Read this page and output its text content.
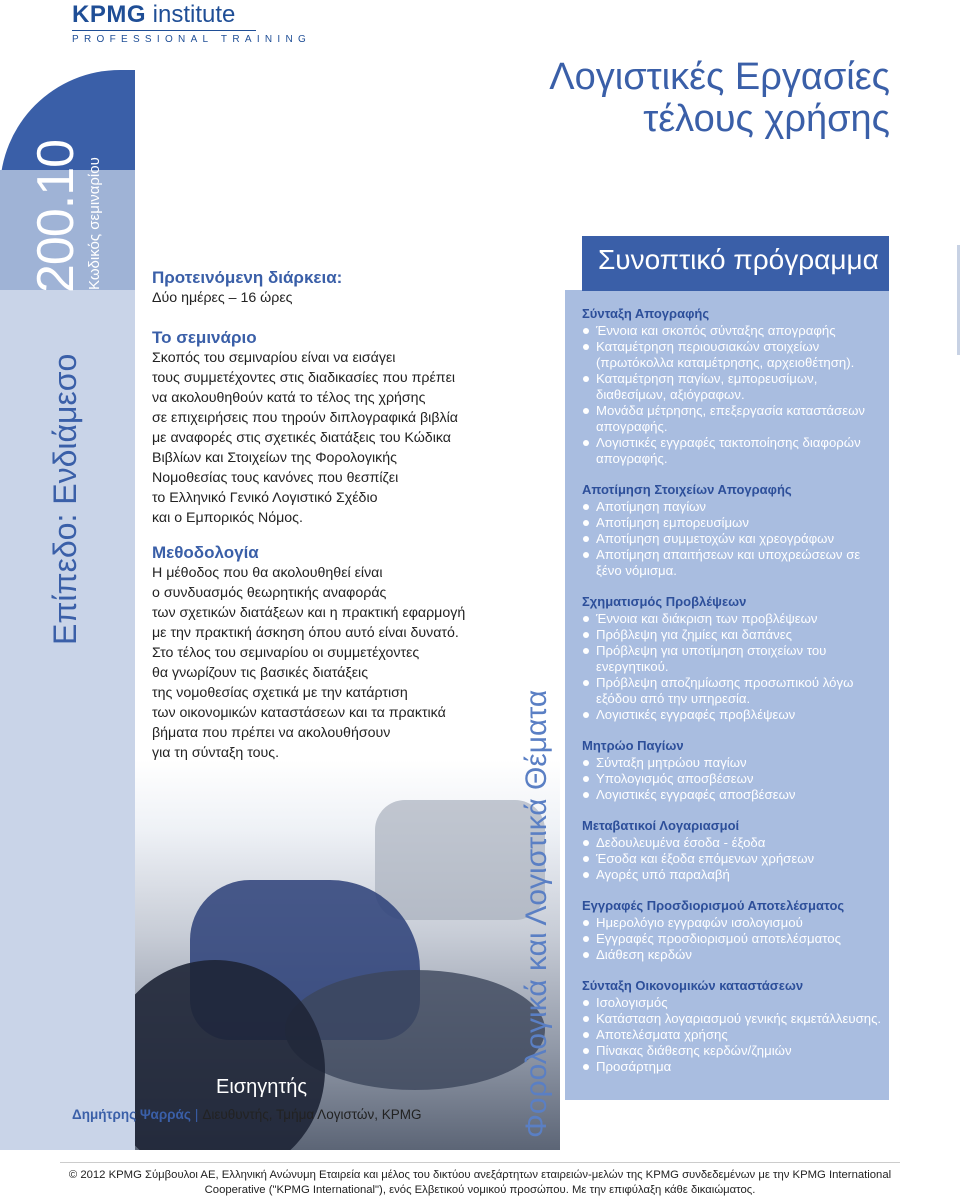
KPMG institute
PROFESSIONAL TRAINING
200.10 Κωδικός σεμιναρίου
Επίπεδο: Ενδιάμεσο
Προτεινόμενη διάρκεια:

Δύο ημέρες – 16 ώρες

Το σεμινάριο

Σκοπός του σεμιναρίου είναι να εισάγει

τους συμμετέχοντες στις διαδικασίες που πρέπει

να ακολουθηθούν κατά το τέλος της χρήσης

σε επιχειρήσεις που τηρούν διπλογραφικά βιβλία

με αναφορές στις σχετικές διατάξεις του Κώδικα

Βιβλίων και Στοιχείων της Φορολογικής

Νομοθεσίας τους κανόνες που θεσπίζει

το Ελληνικό Γενικό Λογιστικό Σχέδιο

και ο Εμπορικός Νόμος.

Μεθοδολογία

Η μέθοδος που θα ακολουθηθεί είναι

ο συνδυασμός θεωρητικής αναφοράς

των σχετικών διατάξεων και η πρακτική εφαρμογή

με την πρακτική άσκηση όπου αυτό είναι δυνατό.

Στο τέλος του σεμιναρίου οι συμμετέχοντες

θα γνωρίζουν τις βασικές διατάξεις

της νομοθεσίας σχετικά με την κατάρτιση

των οικονομικών καταστάσεων και τα πρακτικά

βήματα που πρέπει να ακολουθήσουν

για τη σύνταξη τους.

Εισηγητής
Δημήτρης Ψαρράς | Διευθυντής, Τμήμα Λογιστών, KPMG	Φορολογικά και Λογιστικά Θέματα
Λογιστικές Εργασίες
τέλους χρήσης
Συνοπτικό πρόγραμμα
Σύνταξη Απογραφής
Έννοια και σκοπός σύνταξης απογραφής
Καταμέτρηση περιουσιακών στοιχείων (πρωτόκολλα καταμέτρησης, αρχειοθέτηση).
Καταμέτρηση παγίων, εμπορευσίμων, διαθεσίμων, αξιόγραφων.
Μονάδα μέτρησης, επεξεργασία καταστάσεων απογραφής.
Λογιστικές εγγραφές τακτοποίησης διαφορών απογραφής.
Αποτίμηση Στοιχείων Απογραφής
Αποτίμηση παγίων
Αποτίμηση εμπορευσίμων
Αποτίμηση συμμετοχών και χρεογράφων
Αποτίμηση απαιτήσεων και υποχρεώσεων σε ξένο νόμισμα.
Σχηματισμός Προβλέψεων
Έννοια και διάκριση των προβλέψεων
Πρόβλεψη για ζημίες και δαπάνες
Πρόβλεψη για υποτίμηση στοιχείων του ενεργητικού.
Πρόβλεψη αποζημίωσης προσωπικού λόγω εξόδου από την υπηρεσία.
Λογιστικές εγγραφές προβλέψεων
Μητρώο Παγίων
Σύνταξη μητρώου παγίων
Υπολογισμός αποσβέσεων
Λογιστικές εγγραφές αποσβέσεων
Μεταβατικοί Λογαριασμοί
Δεδουλευμένα έσοδα - έξοδα
Έσοδα και έξοδα επόμενων χρήσεων
Αγορές υπό παραλαβή
Εγγραφές Προσδιορισμού Αποτελέσματος
Ημερολόγιο εγγραφών ισολογισμού
Εγγραφές προσδιορισμού αποτελέσματος
Διάθεση κερδών
Σύνταξη Οικονομικών καταστάσεων
Ισολογισμός
Κατάσταση λογαριασμού γενικής εκμετάλλευσης.
Αποτελέσματα χρήσης
Πίνακας διάθεσης κερδών/ζημιών
Προσάρτημα
© 2012 KPMG Σύμβουλοι ΑΕ, Ελληνική Ανώνυμη Εταιρεία και μέλος του δικτύου ανεξάρτητων εταιρειών-μελών της KPMG συνδεδεμένων με την KPMG International
Cooperative ("KPMG International"), ενός Ελβετικού νομικού προσώπου. Με την επιφύλαξη κάθε δικαιώματος.
